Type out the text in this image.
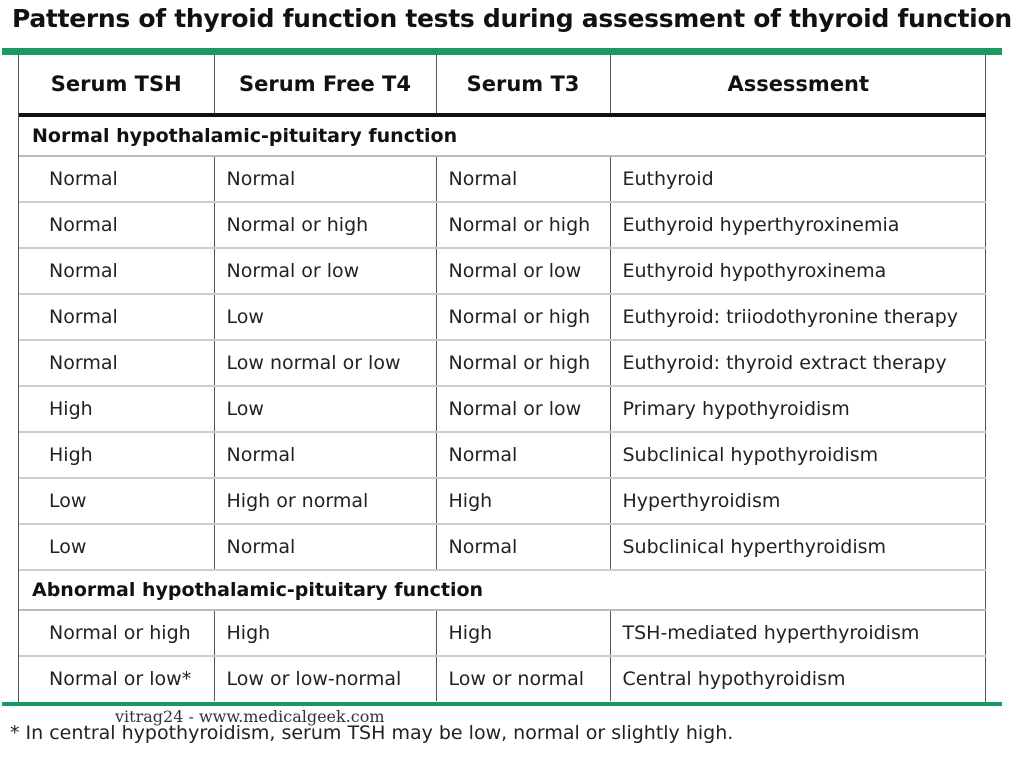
Patterns of thyroid function tests during assessment of thyroid function
Serum TSH	Serum Free T4	Serum T3	Assessment
Normal hypothalamic-pituitary function			
Normal	Normal	Normal	Euthyroid
Normal	Normal or high	Normal or high	Euthyroid hyperthyroxinemia
Normal	Normal or low	Normal or low	Euthyroid hypothyroxinema
Normal	Low	Normal or high	Euthyroid: triiodothyronine therapy
Normal	Low normal or low	Normal or high	Euthyroid: thyroid extract therapy
High	Low	Normal or low	Primary hypothyroidism
High	Normal	Normal	Subclinical hypothyroidism
Low	High or normal	High	Hyperthyroidism
Low	Normal	Normal	Subclinical hyperthyroidism
Abnormal hypothalamic-pituitary function			
Normal or high	High	High	TSH-mediated hyperthyroidism
Normal or low*	Low or low-normal	Low or normal	Central hypothyroidism
* In central hypothyroidism, serum TSH may be low, normal or slightly high.
vitrag24 - www.medicalgeek.com
